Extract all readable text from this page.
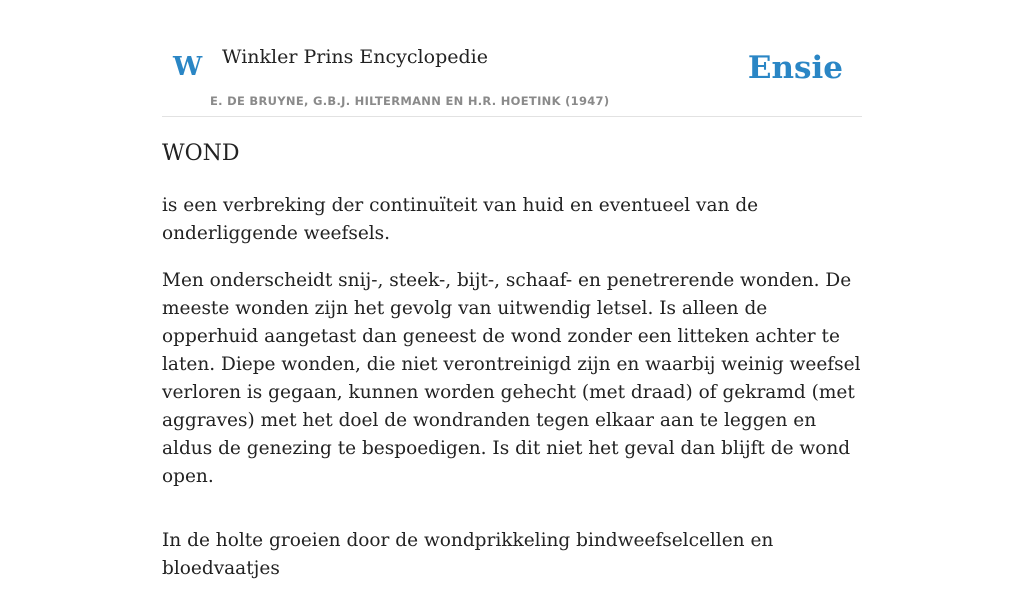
W Winkler Prins Encyclopedie
E. DE BRUYNE, G.B.J. HILTERMANN EN H.R. HOETINK (1947)
Ensie
WOND

is een verbreking der continuïteit van huid en eventueel van de onderliggende weefsels.

Men onderscheidt snij-, steek-, bijt-, schaaf- en penetrerende wonden. De meeste wonden zijn het gevolg van uitwendig letsel. Is alleen de opperhuid aangetast dan geneest de wond zonder een litteken achter te laten. Diepe wonden, die niet verontreinigd zijn en waarbij weinig weefsel verloren is gegaan, kunnen worden gehecht (met draad) of gekramd (met aggraves) met het doel de wondranden tegen elkaar aan te leggen en aldus de genezing te bespoedigen. Is dit niet het geval dan blijft de wond open.

In de holte groeien door de wondprikkeling bindweefselcellen en bloedvaatjes
